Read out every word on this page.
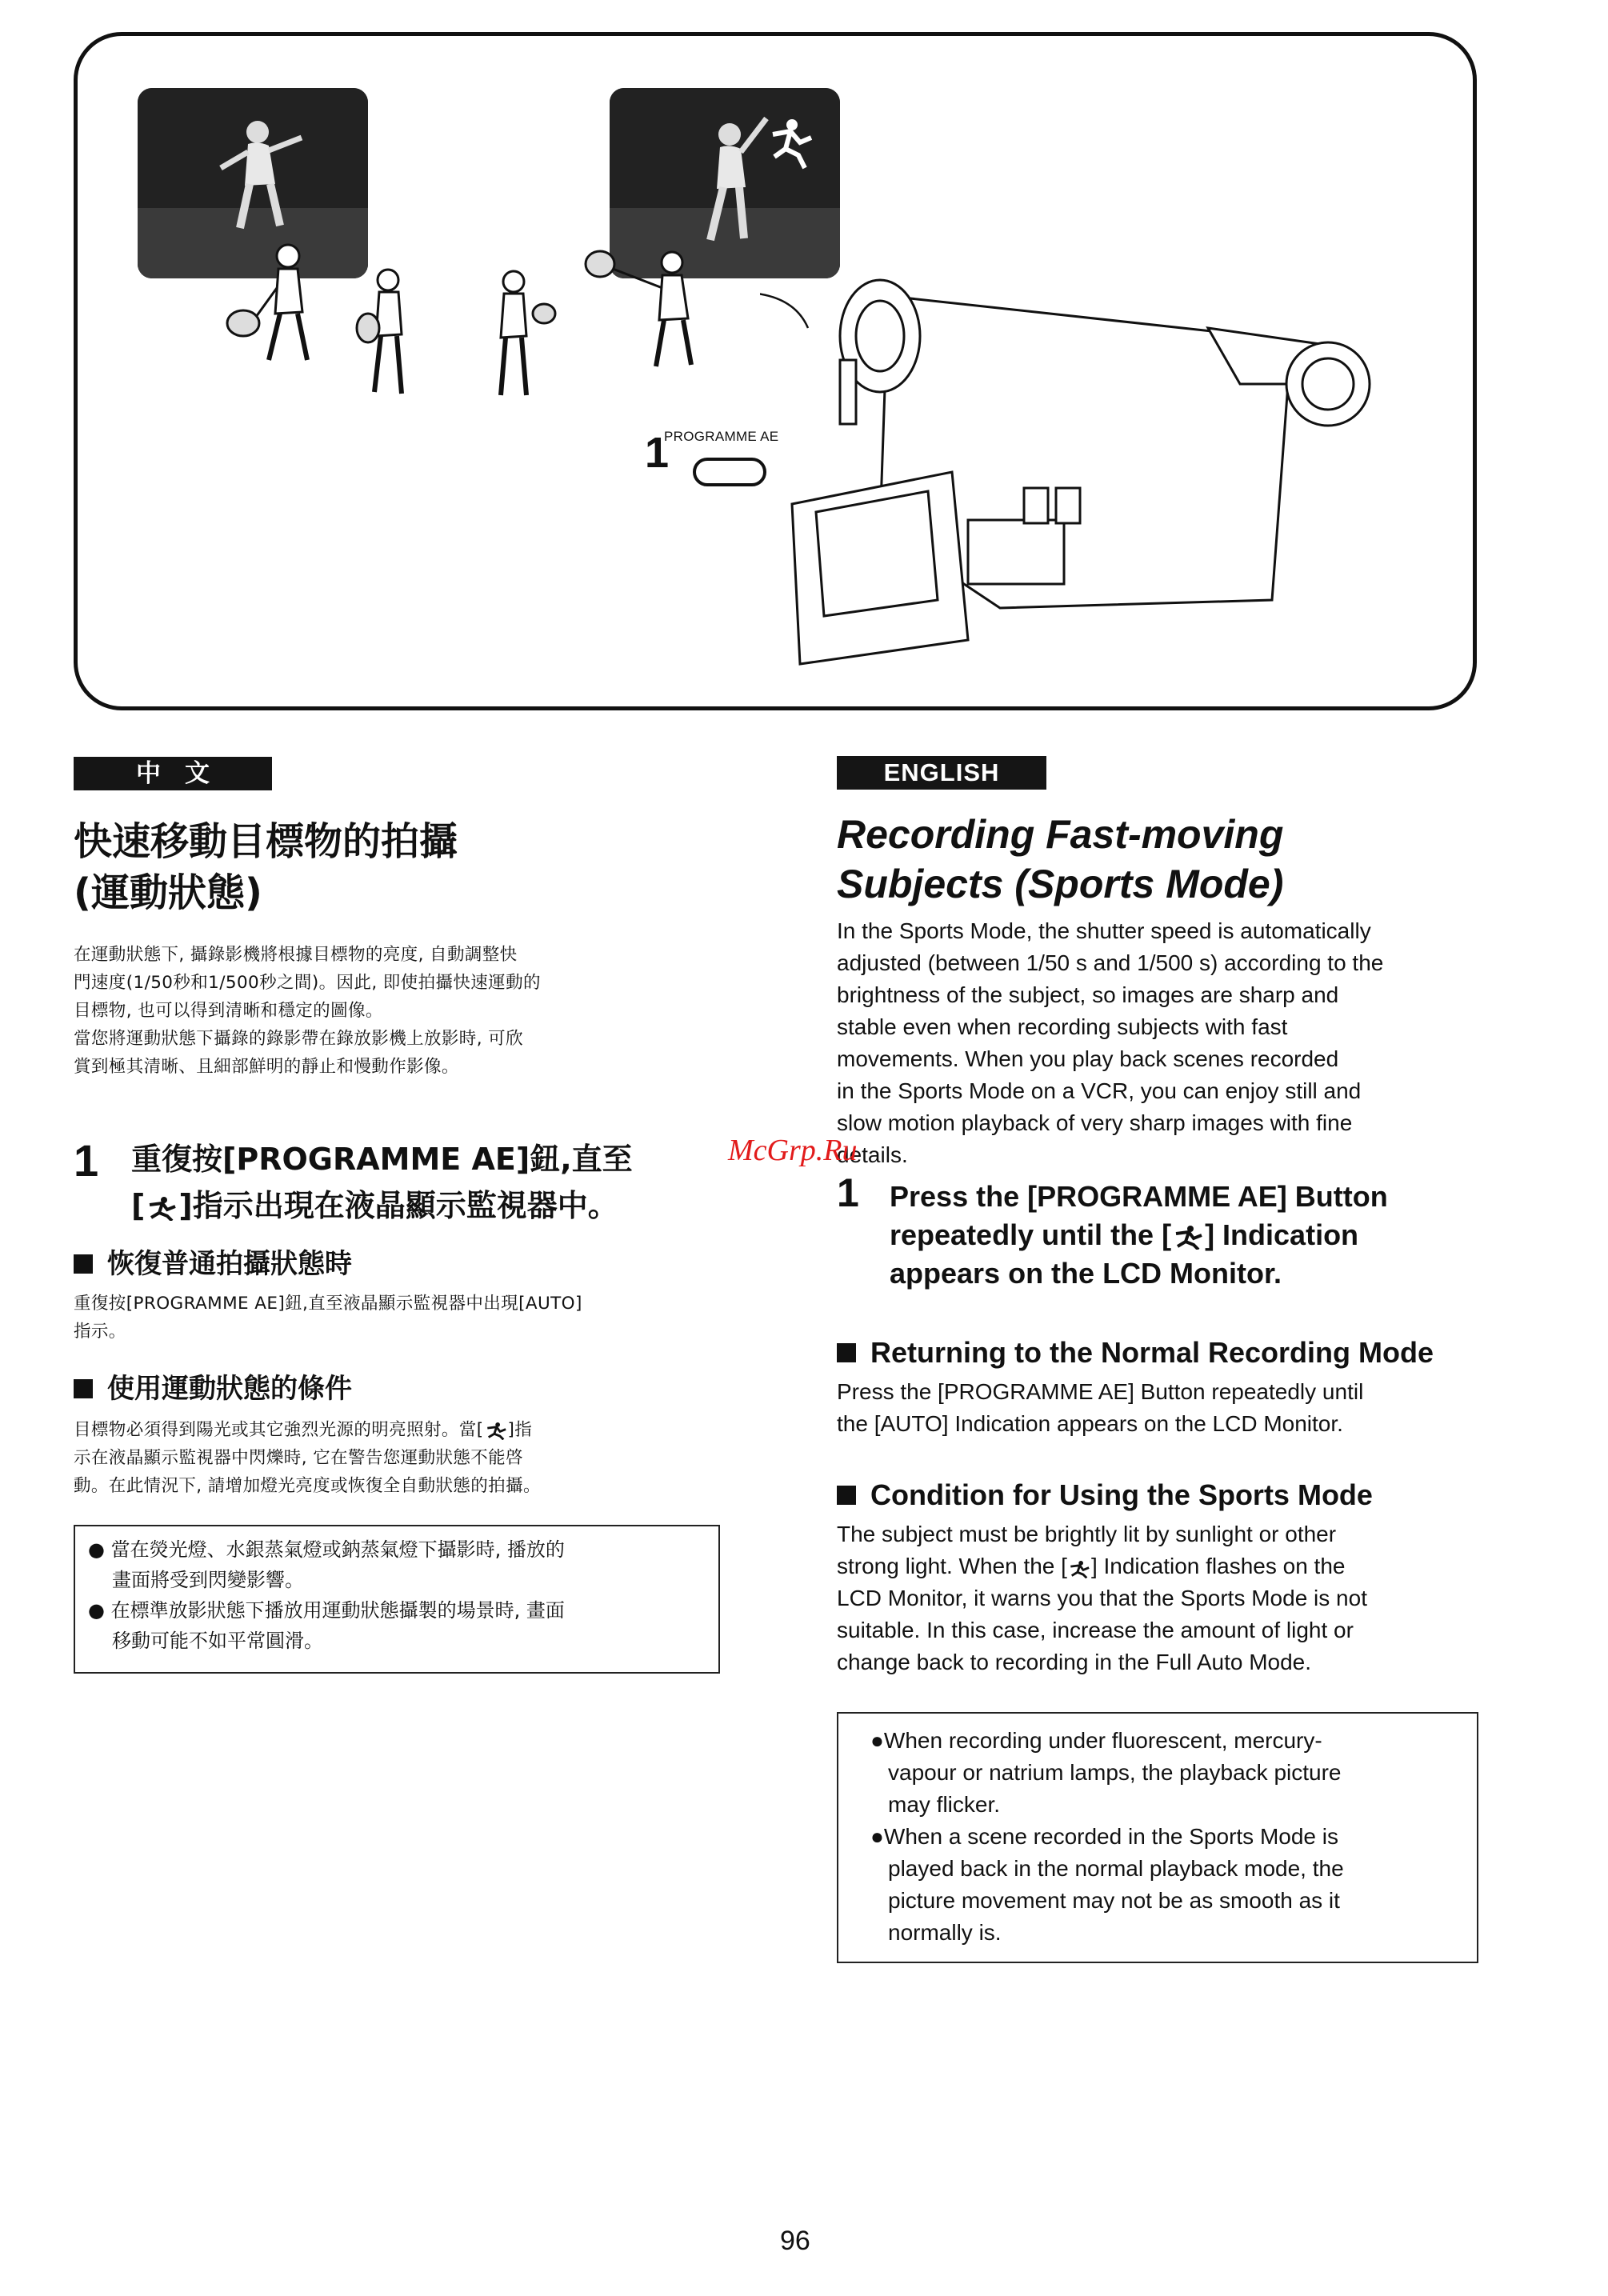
1
PROGRAMME AE
中文
快速移動目標物的拍攝
(運動狀態)
在運動狀態下, 攝錄影機將根據目標物的亮度, 自動調整快
門速度(1/50秒和1/500秒之間)。因此, 即使拍攝快速運動的
目標物, 也可以得到清晰和穩定的圖像。
當您將運動狀態下攝錄的錄影帶在錄放影機上放影時, 可欣
賞到極其清晰、且細部鮮明的靜止和慢動作影像。
1 重復按[PROGRAMME AE]鈕,直至
[ ]指示出現在液晶顯示監視器中。
恢復普通拍攝狀態時
重復按[PROGRAMME AE]鈕,直至液晶顯示監視器中出現[AUTO]
指示。
使用運動狀態的條件
目標物必須得到陽光或其它強烈光源的明亮照射。當[ ]指
示在液晶顯示監視器中閃爍時, 它在警告您運動狀態不能啓
動。在此情況下, 請增加燈光亮度或恢復全自動狀態的拍攝。
● 當在熒光燈、水銀蒸氣燈或鈉蒸氣燈下攝影時, 播放的
畫面將受到閃變影響。
● 在標準放影狀態下播放用運動狀態攝製的場景時, 畫面
移動可能不如平常圓滑。
ENGLISH
Recording Fast-moving
Subjects (Sports Mode)
In the Sports Mode, the shutter speed is automatically
adjusted (between 1/50 s and 1/500 s) according to the
brightness of the subject, so images are sharp and
stable even when recording subjects with fast
movements. When you play back scenes recorded
in the Sports Mode on a VCR, you can enjoy still and
slow motion playback of very sharp images with fine
details.
1 Press the [PROGRAMME AE] Button
repeatedly until the [ ] Indication
appears on the LCD Monitor.
Returning to the Normal Recording Mode
Press the [PROGRAMME AE] Button repeatedly until
the [AUTO] Indication appears on the LCD Monitor.
Condition for Using the Sports Mode
The subject must be brightly lit by sunlight or other
strong light. When the [ ] Indication flashes on the
LCD Monitor, it warns you that the Sports Mode is not
suitable. In this case, increase the amount of light or
change back to recording in the Full Auto Mode.
●When recording under fluorescent, mercury-
vapour or natrium lamps, the playback picture
may flicker.
●When a scene recorded in the Sports Mode is
played back in the normal playback mode, the
picture movement may not be as smooth as it
normally is.
McGrp.Ru
96
